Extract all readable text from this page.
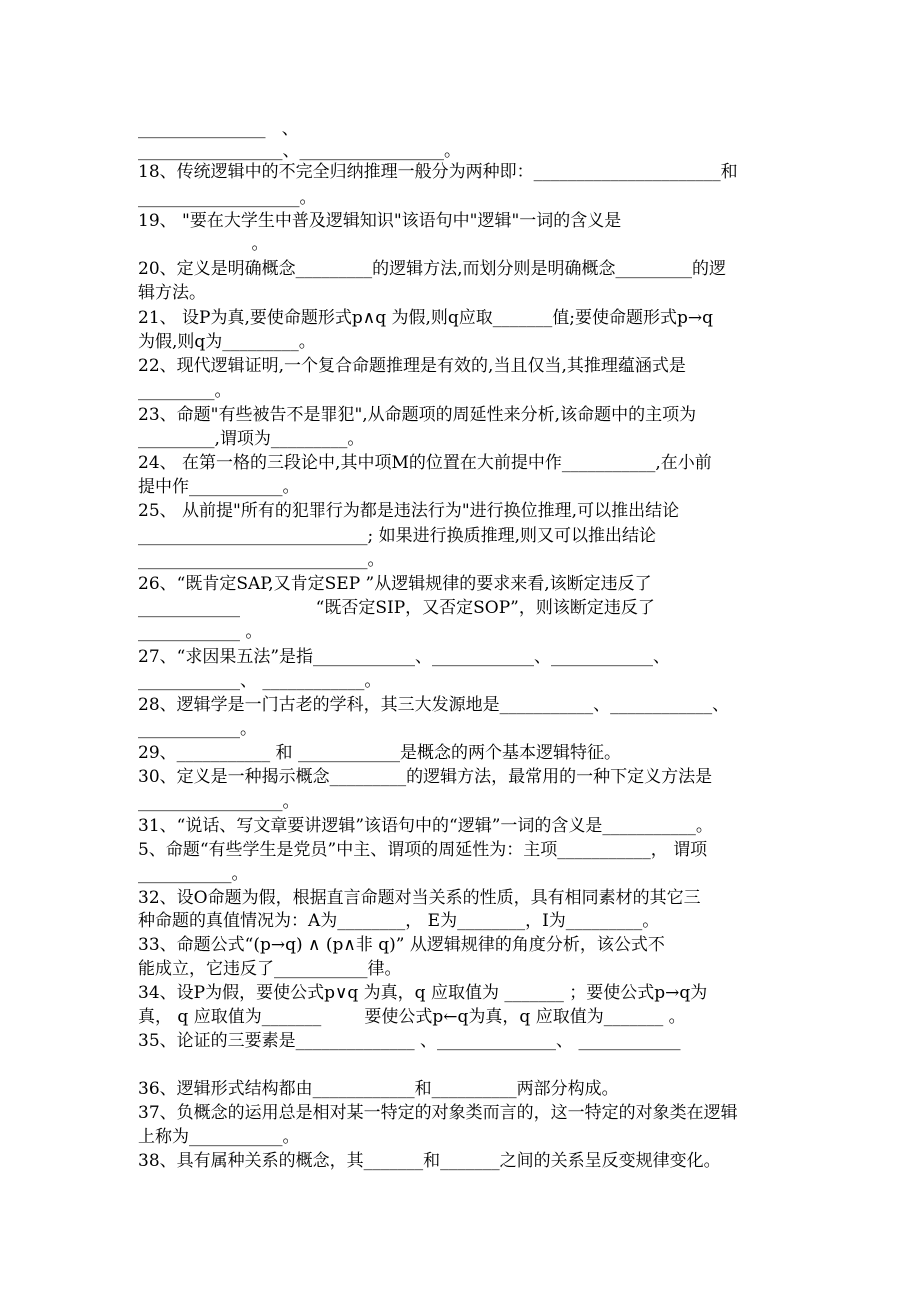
_______________   、
_________________、_________________。
18、传统逻辑中的不完全归纳推理一般分为两种即：______________________和
___________________。
19、 "要在大学生中普及逻辑知识"该语句中"逻辑"一词的含义是
。
20、定义是明确概念_________的逻辑方法,而划分则是明确概念_________的逻
辑方法。
21、 设P为真,要使命题形式p∧q 为假,则q应取_______值;要使命题形式p→q
为假,则q为_________。
22、现代逻辑证明,一个复合命题推理是有效的,当且仅当,其推理蕴涵式是
_________。
23、命题"有些被告不是罪犯",从命题项的周延性来分析,该命题中的主项为
_________,谓项为_________。
24、 在第一格的三段论中,其中项M的位置在大前提中作___________,在小前
提中作___________。
25、 从前提"所有的犯罪行为都是违法行为"进行换位推理,可以推出结论
___________________________; 如果进行换质推理,则又可以推出结论
___________________________。
26、“既肯定SAP,又肯定SEP ”从逻辑规律的要求来看,该断定违反了
____________              “既否定SIP，又否定SOP”，则该断定违反了
____________ 。
27、“求因果五法”是指____________、____________、____________、
____________、 ____________。
28、逻辑学是一门古老的学科，其三大发源地是___________、____________、
____________。
29、___________ 和 ____________是概念的两个基本逻辑特征。
30、定义是一种揭示概念_________的逻辑方法，最常用的一种下定义方法是
_________________。
31、“说话、写文章要讲逻辑”该语句中的“逻辑”一词的含义是___________。
5、命题“有些学生是党员”中主、谓项的周延性为：主项___________， 谓项
___________。
32、设O命题为假，根据直言命题对当关系的性质，具有相同素材的其它三
种命题的真值情况为：A为________， E为________，I为_________。
33、命题公式“(p→q) ∧ (p∧非 q)” 从逻辑规律的角度分析，该公式不
能成立，它违反了___________律。
34、设P为假，要使公式p∨q 为真，q 应取值为 _______ ；要使公式p→q为
真， q 应取值为_______        要使公式p←q为真，q 应取值为_______ 。
35、论证的三要素是______________ 、______________、 ____________
36、逻辑形式结构都由____________和__________两部分构成。
37、负概念的运用总是相对某一特定的对象类而言的，这一特定的对象类在逻辑
上称为___________。
38、具有属种关系的概念，其_______和_______之间的关系呈反变规律变化。
